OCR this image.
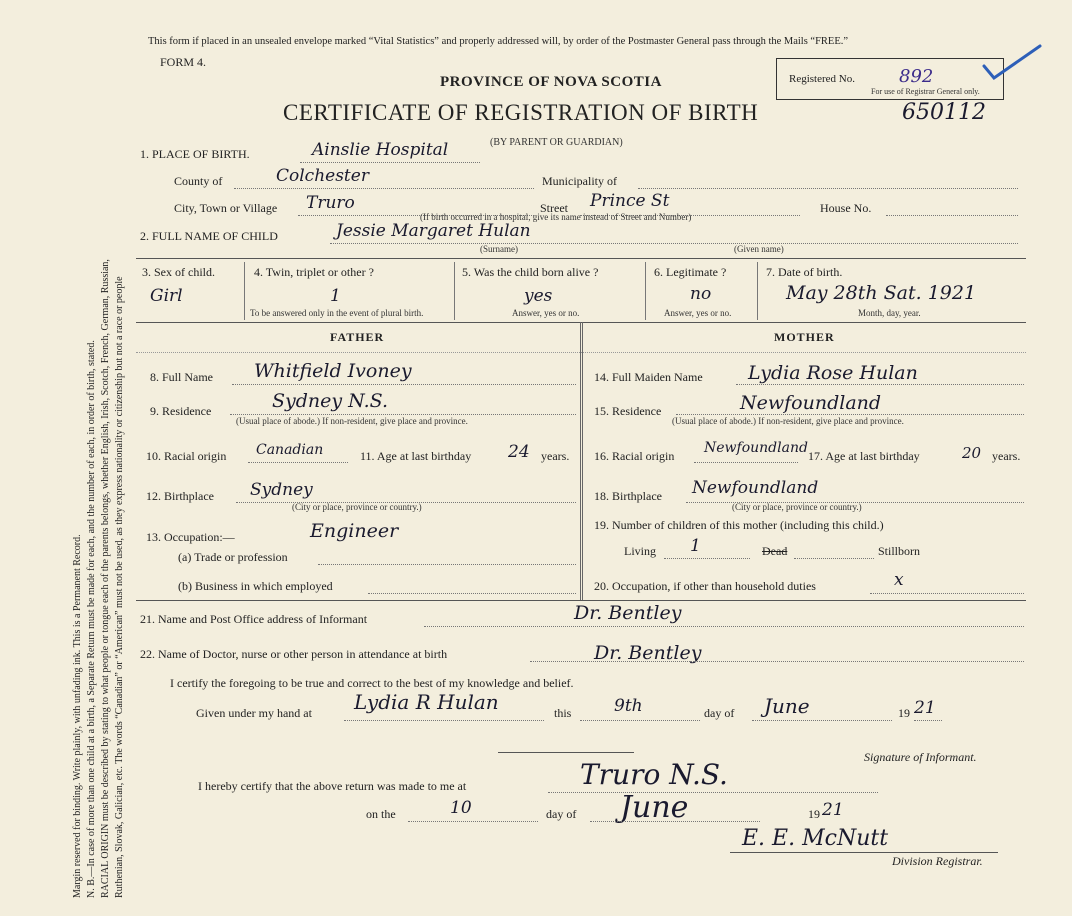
Margin reserved for binding. Write plainly, with unfading ink. This is a Permanent Record. N. B.—In case of more than one child at a birth, a Separate Return must be made for each, and the number of each, in order of birth, stated. RACIAL ORIGIN must be described by stating to what people or tongue each of the parents belongs, whether English, Irish, Scotch, French, German, Russian, Ruthenian, Slovak, Galician, etc. The words “Canadian” or “American” must not be used, as they express nationality or citizenship but not a race or people
This form if placed in an unsealed envelope marked “Vital Statistics” and properly addressed will, by order of the Postmaster General pass through the Mails “FREE.”
FORM 4.
PROVINCE OF NOVA SCOTIA
CERTIFICATE OF REGISTRATION OF BIRTH
(BY PARENT OR GUARDIAN)
Registered No. 892
For use of Registrar General only.
650112
1. PLACE OF BIRTH.	Ainslie Hospital
County of	Colchester	Municipality of
City, Town or Village Truro	Street Prince St	House No.
(If birth occurred in a hospital, give its name instead of Street and Number)
2. FULL NAME OF CHILD	Jessie Margaret Hulan
(Surname)	(Given name)
3. Sex of child.
Girl
4. Twin, triplet or other ?
1
To be answered only in the event of plural birth.
5. Was the child born alive ?
yes
Answer, yes or no.
6. Legitimate ?
no
Answer, yes or no.
7. Date of birth.
May 28th Sat. 1921
Month, day, year.
FATHER	MOTHER
8. Full Name Whitfield Ivoney
9. Residence	Sydney N.S.
(Usual place of abode.) If non-resident, give place and province.
10. Racial origin Canadian	11. Age at last birthday 24 years.
12. Birthplace Sydney
(City or place, province or country.)
13. Occupation:—	Engineer
(a) Trade or profession
(b) Business in which employed
14. Full Maiden Name Lydia Rose Hulan
15. Residence	Newfoundland
(Usual place of abode.) If non-resident, give place and province.
16. Racial origin Newfoundland 17. Age at last birthday	20 years.
18. Birthplace Newfoundland
(City or place, province or country.)
19. Number of children of this mother (including this child.)
Living 1	Dead	Stillborn
20. Occupation, if other than household duties	x
21. Name and Post Office address of Informant	Dr. Bentley
22. Name of Doctor, nurse or other person in attendance at birth	Dr. Bentley
I certify the foregoing to be true and correct to the best of my knowledge and belief.
Given under my hand at Lydia R Hulan	this	9th	day of June	19 21
Signature of Informant.
I hereby certify that the above return was made to me at	Truro N.S.
on the	10	day of June	19 21
E. E. McNutt
Division Registrar.
